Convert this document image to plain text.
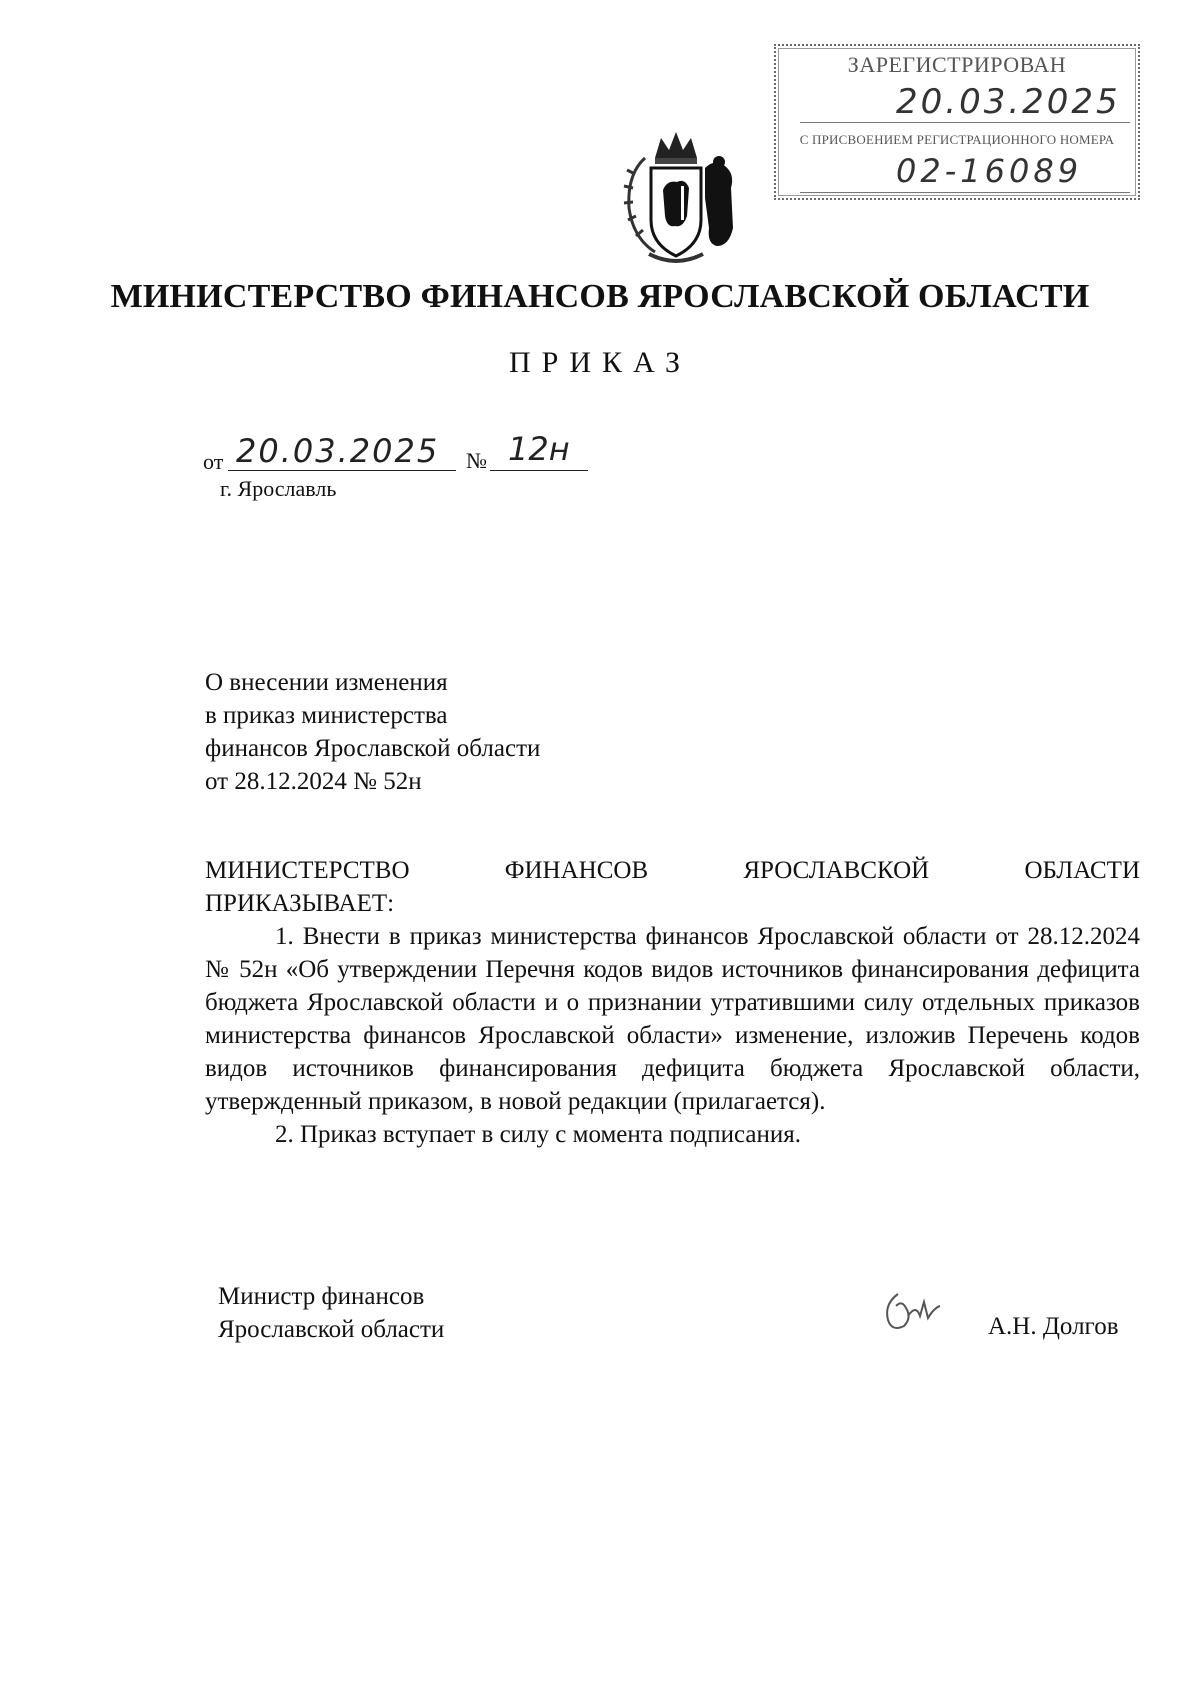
ЗАРЕГИСТРИРОВАН
20.03.2025
С ПРИСВОЕНИЕМ РЕГИСТРАЦИОННОГО НОМЕРА
02-16089
МИНИСТЕРСТВО ФИНАНСОВ ЯРОСЛАВСКОЙ ОБЛАСТИ
ПРИКАЗ
от 20.03.2025 № 12н
г. Ярославль
О внесении изменения
в приказ министерства
финансов Ярославской области
от 28.12.2024 № 52н

МИНИСТЕРСТВО ФИНАНСОВ ЯРОСЛАВСКОЙ ОБЛАСТИ

ПРИКАЗЫВАЕТ:

1. Внести в приказ министерства финансов Ярославской области от 28.12.2024 № 52н «Об утверждении Перечня кодов видов источников финансирования дефицита бюджета Ярославской области и о признании утратившими силу отдельных приказов министерства финансов Ярославской области» изменение, изложив Перечень кодов видов источников финансирования дефицита бюджета Ярославской области, утвержденный приказом, в новой редакции (прилагается).

2. Приказ вступает в силу с момента подписания.

Министр финансов
Ярославской области	А.Н. Долгов
